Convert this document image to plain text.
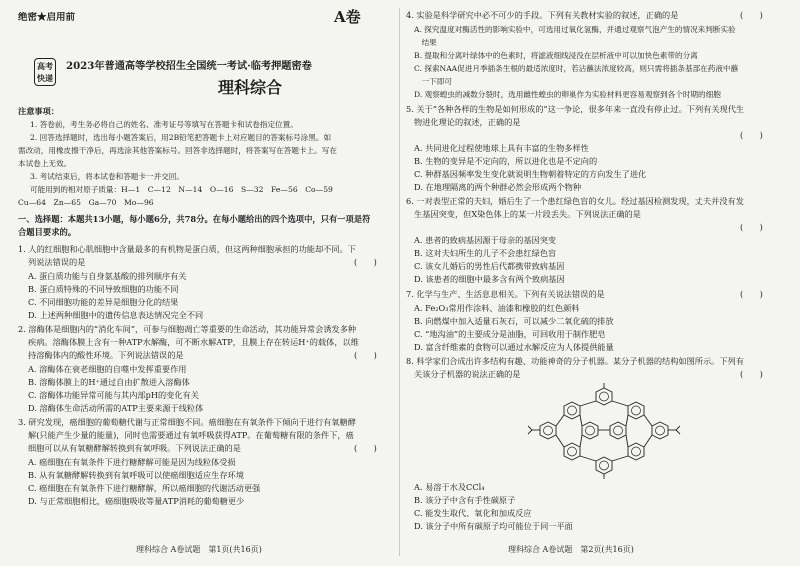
绝密★启用前	A卷
高考
快递
2023年普通高等学校招生全国统一考试·临考押题密卷
理科综合
注意事项：
1. 答卷前，考生务必将自己的姓名、准考证号等填写在答题卡和试卷指定位置。
2. 回答选择题时，选出每小题答案后，用2B铅笔把答题卡上对应题目的答案标号涂黑。如
需改动，用橡皮擦干净后，再选涂其他答案标号。回答非选择题时，将答案写在答题卡上。写在
本试卷上无效。
3. 考试结束后，将本试卷和答题卡一并交回。
可能用到的相对原子质量：H—1　C—12　N—14　O—16　S—32　Fe—56　Co—59
Cu—64　Zn—65　Ga—70　Mo—96
一、选择题：本题共13小题，每小题6分，共78分。在每小题给出的四个选项中，只有一项是符
合题目要求的。
1. 人的红细胞和心肌细胞中含量最多的有机物是蛋白质，但这两种细胞承担的功能却不同。下
列说法错误的是	(　　)
A. 蛋白质功能与自身氨基酸的排列顺序有关
B. 蛋白质特殊的不同导致细胞的功能不同
C. 不同细胞功能的差异是细胞分化的结果
D. 上述两种细胞中的遗传信息表达情况完全不同
2. 溶酶体是细胞内的“消化车间”，可参与细胞凋亡等重要的生命活动，其功能异常会诱发多种
疾病。溶酶体膜上含有一种ATP水解酶，可不断水解ATP，且膜上存在转运H⁺的载体，以维
持溶酶体内的酸性环境。下列说法错误的是	(　　)
A. 溶酶体在衰老细胞的自噬中发挥重要作用
B. 溶酶体膜上的H⁺通过自由扩散进入溶酶体
C. 溶酶体功能异常可能与其内部pH的变化有关
D. 溶酶体生命活动所需的ATP主要来源于线粒体
3. 研究发现，癌细胞的葡萄糖代谢与正常细胞不同。癌细胞在有氧条件下倾向于进行有氧糖酵
解(只能产生少量的能量)，同时也需要通过有氧呼吸获得ATP。在葡萄糖有限的条件下，癌
细胞可以从有氧糖酵解转换到有氧呼吸。下列说法正确的是	(　　)
A. 癌细胞在有氧条件下进行糖酵解可能是因为线粒体受损
B. 从有氧糖酵解转换到有氧呼吸可以使癌细胞适应生存环境
C. 癌细胞在有氧条件下进行糖酵解，所以癌细胞的代谢活动更强
D. 与正常细胞相比，癌细胞吸收等量ATP消耗的葡萄糖更少
理科综合 A卷试题　第1页(共16页)
4. 实验是科学研究中必不可少的手段。下列有关教材实验的叙述，正确的是	(　　)
A. 探究温度对酶活性的影响实验中，可选用过氧化氢酶，并通过观察气泡产生的情况来判断实验
　结果
B. 提取和分离叶绿体中的色素时，将滤液细线浸没在层析液中可以加快色素带的分离
C. 探索NAA促进月季插条生根的最适浓度时，若沾蘸法浓度较高，则只需将插条基部在药液中蘸
　一下即可
D. 观察蝗虫的减数分裂时，选用雌性蝗虫的卵巢作为实验材料更容易观察到各个时期的细胞
5. 关于“各种各样的生物是如何形成的”这一争论，很多年来一直没有停止过。下列有关现代生
物进化理论的叙述，正确的是
(　　)
A. 共同进化过程使地球上具有丰富的生物多样性
B. 生物的变异是不定向的，所以进化也是不定向的
C. 种群基因频率发生变化就说明生物朝着特定的方向发生了进化
D. 在地理隔离的两个种群必然会形成两个物种
6. 一对表型正常的夫妇，婚后生了一个患红绿色盲的女儿。经过基因检测发现，丈夫并没有发
生基因突变，但X染色体上的某一片段丢失。下列说法正确的是
(　　)
A. 患者的致病基因源于母亲的基因突变
B. 这对夫妇所生的儿子不会患红绿色盲
C. 该女儿婚后的男性后代都携带致病基因
D. 该患者的细胞中最多含有两个致病基因
7. 化学与生产、生活息息相关。下列有关说法错误的是	(　　)
A. Fe₂O₃常用作涂料、油漆和橡胶的红色颜料
B. 向燃煤中加入适量石灰石，可以减少二氧化硫的排放
C. “地沟油”的主要成分是油脂，可回收用于制作肥皂
D. 富含纤维素的食物可以通过水解反应为人体提供能量
8. 科学家们合成出许多结构有趣、功能神奇的分子机器。某分子机器的结构如图所示。下列有
关该分子机器的说法正确的是	(　　)
A. 易溶于水及CCl₄
B. 该分子中含有手性碳原子
C. 能发生取代、氧化和加成反应
D. 该分子中所有碳原子均可能位于同一平面
理科综合 A卷试题　第2页(共16页)
